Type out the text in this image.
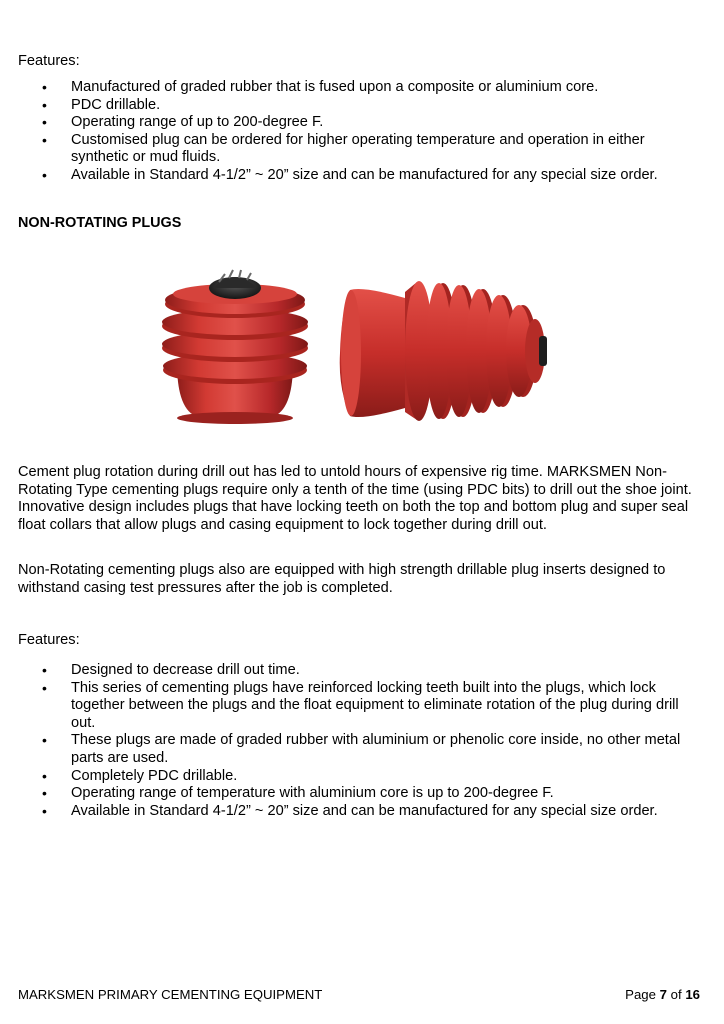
Features:
• Manufactured of graded rubber that is fused upon a composite or aluminium core.
• PDC drillable.
• Operating range of up to 200-degree F.
• Customised plug can be ordered for higher operating temperature and operation in either synthetic or mud fluids.
• Available in Standard 4-1/2” ~ 20” size and can be manufactured for any special size order.
NON-ROTATING PLUGS

Cement plug rotation during drill out has led to untold hours of expensive rig time. MARKSMEN Non-Rotating Type cementing plugs require only a tenth of the time (using PDC bits) to drill out the shoe joint. Innovative design includes plugs that have locking teeth on both the top and bottom plug and super seal float collars that allow plugs and casing equipment to lock together during drill out.

Non-Rotating cementing plugs also are equipped with high strength drillable plug inserts designed to withstand casing test pressures after the job is completed.

Features:
• Designed to decrease drill out time.
• This series of cementing plugs have reinforced locking teeth built into the plugs, which lock together between the plugs and the float equipment to eliminate rotation of the plug during drill out.
• These plugs are made of graded rubber with aluminium or phenolic core inside, no other metal parts are used.
• Completely PDC drillable.
• Operating range of temperature with aluminium core is up to 200-degree F.
• Available in Standard 4-1/2” ~ 20” size and can be manufactured for any special size order.
MARKSMEN PRIMARY CEMENTING EQUIPMENT	Page 7 of 16
